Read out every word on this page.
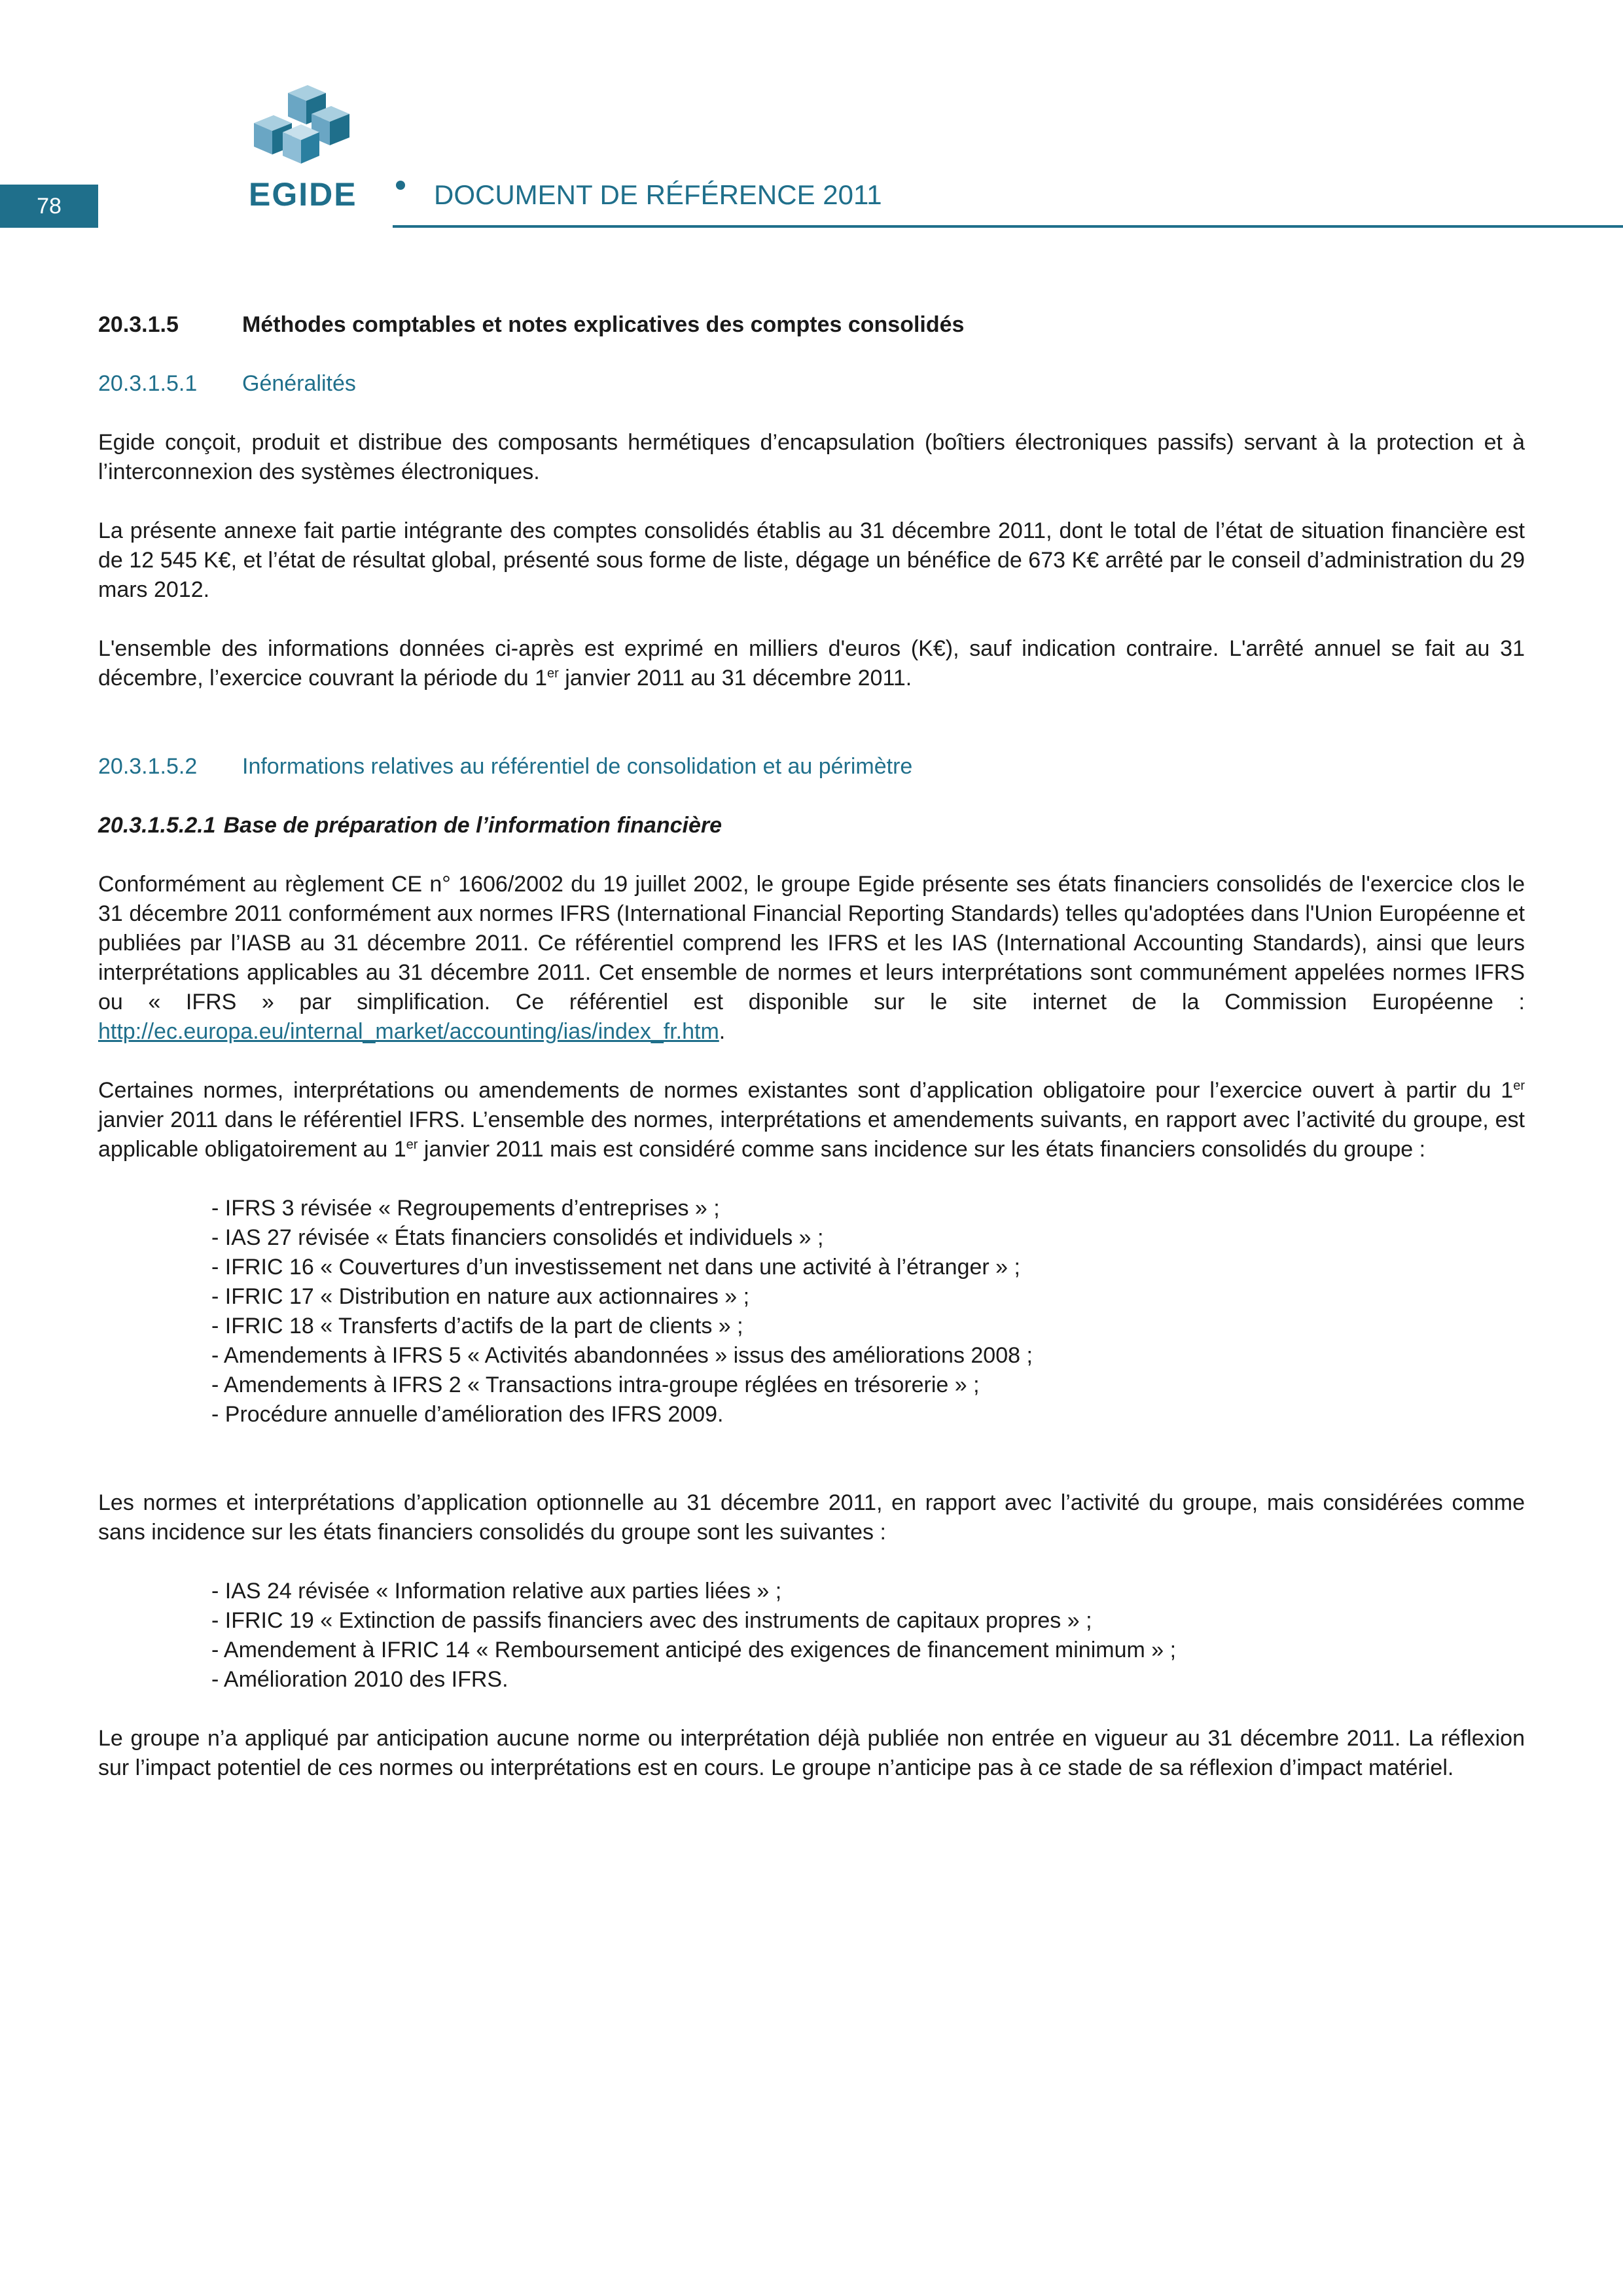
78	EGIDE	DOCUMENT DE RÉFÉRENCE 2011

20.3.1.5	Méthodes comptables et notes explicatives des comptes consolidés

20.3.1.5.1 Généralités

Egide conçoit, produit et distribue des composants hermétiques d’encapsulation (boîtiers électroniques passifs) servant à la protection et à l’interconnexion des systèmes électroniques.

La présente annexe fait partie intégrante des comptes consolidés établis au 31 décembre 2011, dont le total de l’état de situation financière est de 12 545 K€, et l’état de résultat global, présenté sous forme de liste, dégage un bénéfice de 673 K€ arrêté par le conseil d’administration du 29 mars 2012.

L'ensemble des informations données ci-après est exprimé en milliers d'euros (K€), sauf indication contraire. L'arrêté annuel se fait au 31 décembre, l’exercice couvrant la période du 1er janvier 2011 au 31 décembre 2011.

20.3.1.5.2 Informations relatives au référentiel de consolidation et au périmètre

20.3.1.5.2.1 Base de préparation de l’information financière

Conformément au règlement CE n° 1606/2002 du 19 juillet 2002, le groupe Egide présente ses états financiers consolidés de l'exercice clos le 31 décembre 2011 conformément aux normes IFRS (International Financial Reporting Standards) telles qu'adoptées dans l'Union Européenne et publiées par l’IASB au 31 décembre 2011. Ce référentiel comprend les IFRS et les IAS (International Accounting Standards), ainsi que leurs interprétations applicables au 31 décembre 2011. Cet ensemble de normes et leurs interprétations sont communément appelées normes IFRS ou « IFRS » par simplification. Ce référentiel est disponible sur le site internet de la Commission Européenne : http://ec.europa.eu/internal_market/accounting/ias/index_fr.htm.

Certaines normes, interprétations ou amendements de normes existantes sont d’application obligatoire pour l’exercice ouvert à partir du 1er janvier 2011 dans le référentiel IFRS. L’ensemble des normes, interprétations et amendements suivants, en rapport avec l’activité du groupe, est applicable obligatoirement au 1er janvier 2011 mais est considéré comme sans incidence sur les états financiers consolidés du groupe :

- IFRS 3 révisée « Regroupements d’entreprises » ;
- IAS 27 révisée « États financiers consolidés et individuels » ;
- IFRIC 16 « Couvertures d’un investissement net dans une activité à l’étranger » ;
- IFRIC 17 « Distribution en nature aux actionnaires » ;
- IFRIC 18 « Transferts d’actifs de la part de clients » ;
- Amendements à IFRS 5 « Activités abandonnées » issus des améliorations 2008 ;
- Amendements à IFRS 2 « Transactions intra-groupe réglées en trésorerie » ;
- Procédure annuelle d’amélioration des IFRS 2009.

Les normes et interprétations d’application optionnelle au 31 décembre 2011, en rapport avec l’activité du groupe, mais considérées comme sans incidence sur les états financiers consolidés du groupe sont les suivantes :

- IAS 24 révisée « Information relative aux parties liées » ;
- IFRIC 19 « Extinction de passifs financiers avec des instruments de capitaux propres » ;
- Amendement à IFRIC 14 « Remboursement anticipé des exigences de financement minimum » ;
- Amélioration 2010 des IFRS.

Le groupe n’a appliqué par anticipation aucune norme ou interprétation déjà publiée non entrée en vigueur au 31 décembre 2011. La réflexion sur l’impact potentiel de ces normes ou interprétations est en cours. Le groupe n’anticipe pas à ce stade de sa réflexion d’impact matériel.
